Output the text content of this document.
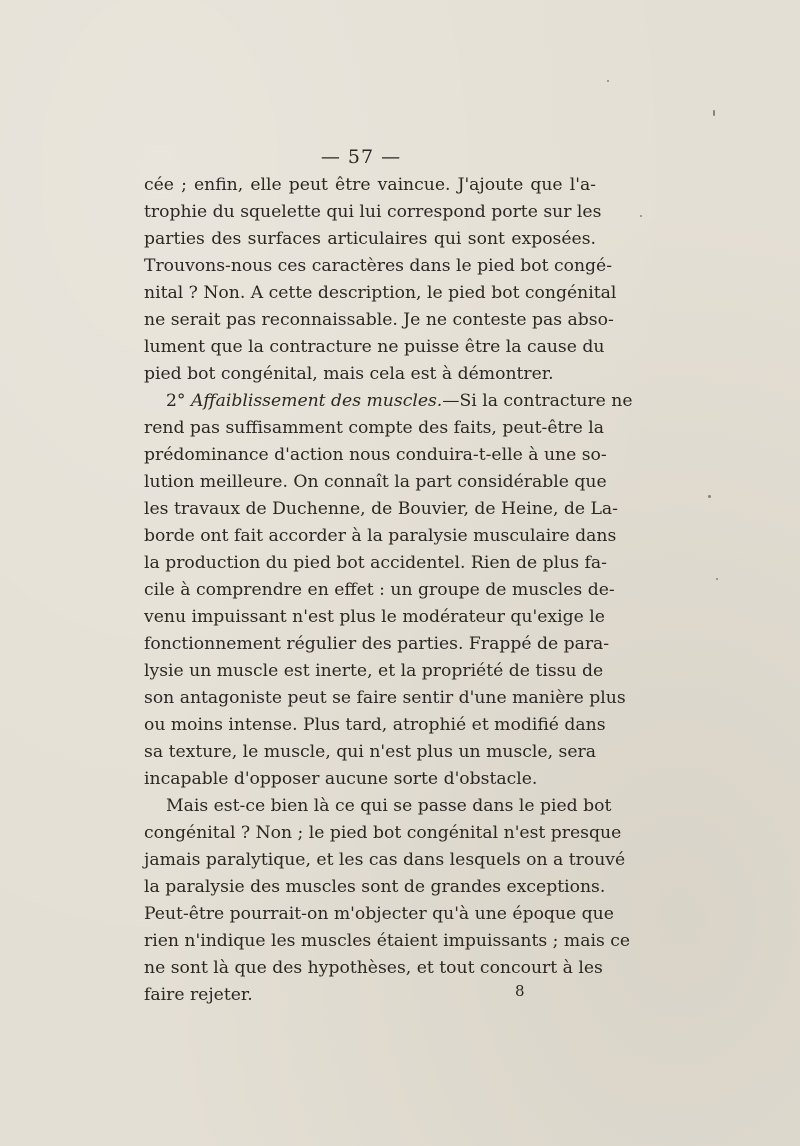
— 57 —
cée ; enfin, elle peut être vaincue. J'ajoute que l'a-
trophie du squelette qui lui correspond porte sur les
parties des surfaces articulaires qui sont exposées.
Trouvons-nous ces caractères dans le pied bot congé-
nital ? Non. A cette description, le pied bot congénital
ne serait pas reconnaissable. Je ne conteste pas abso-
lument que la contracture ne puisse être la cause du
pied bot congénital, mais cela est à démontrer.
2° Affaiblissement des muscles.—Si la contracture ne
rend pas suffisamment compte des faits, peut-être la
prédominance d'action nous conduira-t-elle à une so-
lution meilleure. On connaît la part considérable que
les travaux de Duchenne, de Bouvier, de Heine, de La-
borde ont fait accorder à la paralysie musculaire dans
la production du pied bot accidentel. Rien de plus fa-
cile à comprendre en effet : un groupe de muscles de-
venu impuissant n'est plus le modérateur qu'exige le
fonctionnement régulier des parties. Frappé de para-
lysie un muscle est inerte, et la propriété de tissu de
son antagoniste peut se faire sentir d'une manière plus
ou moins intense. Plus tard, atrophié et modifié dans
sa texture, le muscle, qui n'est plus un muscle, sera
incapable d'opposer aucune sorte d'obstacle.
Mais est-ce bien là ce qui se passe dans le pied bot
congénital ? Non ; le pied bot congénital n'est presque
jamais paralytique, et les cas dans lesquels on a trouvé
la paralysie des muscles sont de grandes exceptions.
Peut-être pourrait-on m'objecter qu'à une époque que
rien n'indique les muscles étaient impuissants ; mais ce
ne sont là que des hypothèses, et tout concourt à les
faire rejeter.	8
